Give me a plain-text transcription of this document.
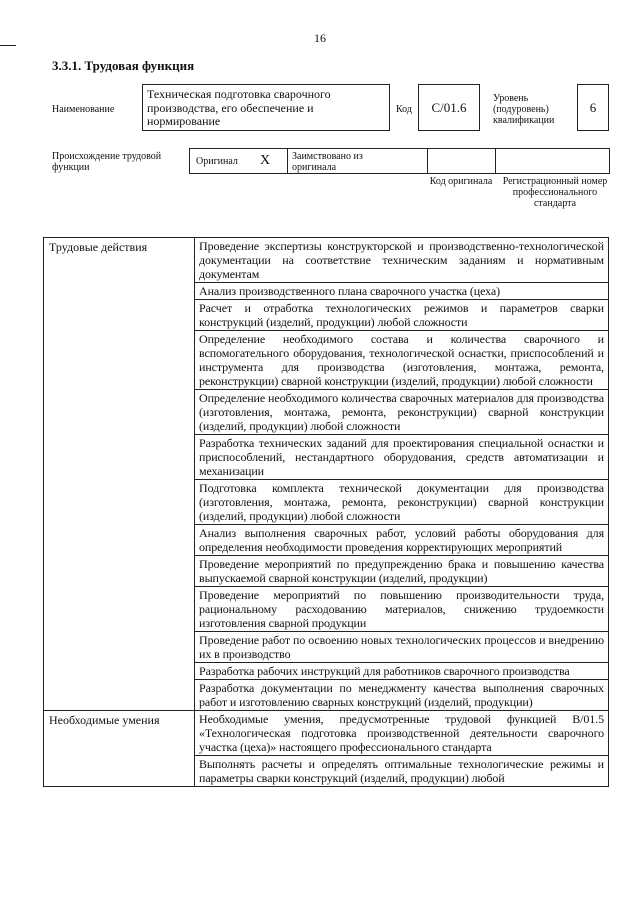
16
3.3.1. Трудовая функция
Наименование
Техническая подготовка сварочного производства, его обеспечение и нормирование
Код С/01.6
Уровень (подуровень) квалификации
6
Происхождение трудовой функции
Оригинал X Заимствовано из оригинала
Код оригинала Регистрационный номер профессионального стандарта
Трудовые действия	Проведение экспертизы конструкторской и производственно-технологической документации на соответствие техническим заданиям и нормативным документам
	Анализ производственного плана сварочного участка (цеха)
	Расчет и отработка технологических режимов и параметров сварки конструкций (изделий, продукции) любой сложности
	Определение необходимого состава и количества сварочного и вспомогательного оборудования, технологической оснастки, приспособлений и инструмента для производства (изготовления, монтажа, ремонта, реконструкции) сварной конструкции (изделий, продукции) любой сложности
	Определение необходимого количества сварочных материалов для производства (изготовления, монтажа, ремонта, реконструкции) сварной конструкции (изделий, продукции) любой сложности
	Разработка технических заданий для проектирования специальной оснастки и приспособлений, нестандартного оборудования, средств автоматизации и механизации
	Подготовка комплекта технической документации для производства (изготовления, монтажа, ремонта, реконструкции) сварной конструкции (изделий, продукции) любой сложности
	Анализ выполнения сварочных работ, условий работы оборудования для определения необходимости проведения корректирующих мероприятий
	Проведение мероприятий по предупреждению брака и повышению качества выпускаемой сварной конструкции (изделий, продукции)
	Проведение мероприятий по повышению производительности труда, рациональному расходованию материалов, снижению трудоемкости изготовления сварной продукции
	Проведение работ по освоению новых технологических процессов и внедрению их в производство
	Разработка рабочих инструкций для работников сварочного производства
	Разработка документации по менеджменту качества выполнения сварочных работ и изготовлению сварных конструкций (изделий, продукции)
Необходимые умения	Необходимые умения, предусмотренные трудовой функцией В/01.5 «Технологическая подготовка производственной деятельности сварочного участка (цеха)» настоящего профессионального стандарта
	Выполнять расчеты и определять оптимальные технологические режимы и параметры сварки конструкций (изделий, продукции) любой
